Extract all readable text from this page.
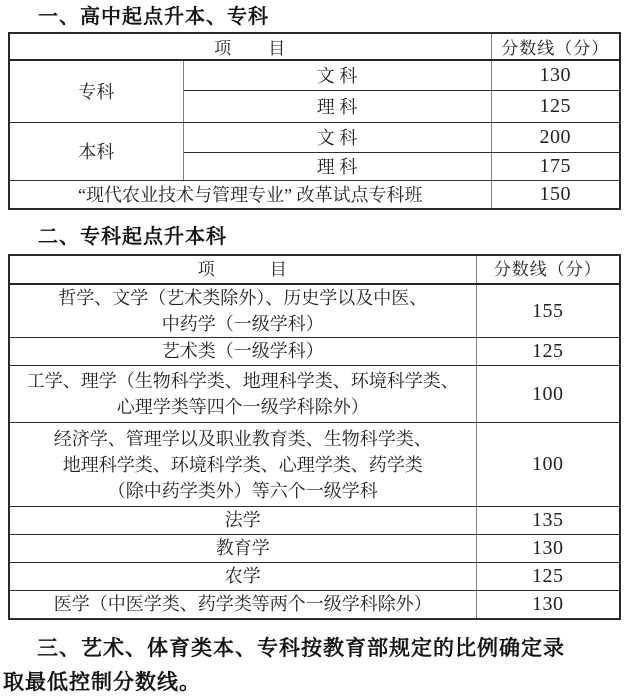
一、高中起点升本、专科
项　　目		分数线（分）
专科	文 科	130
	理 科	125
本科	文 科	200
	理 科	175
“现代农业技术与管理专业” 改革试点专科班		150
二、专科起点升本科
项　　　目	分数线（分）

哲学、文学（艺术类除外）、历史学以及中医、
中药学（一级学科）	155
艺术类（一级学科）	125

工学、理学（生物科学类、地理科学类、环境科学类、
心理学类等四个一级学科除外）	100

经济学、管理学以及职业教育类、生物科学类、
地理科学类、环境科学类、心理学类、药学类
（除中药学类外）等六个一级学科	100
法学	135
教育学	130
农学	125
医学（中医学类、药学类等两个一级学科除外）	130
三、艺术、体育类本、专科按教育部规定的比例确定录
取最低控制分数线。
